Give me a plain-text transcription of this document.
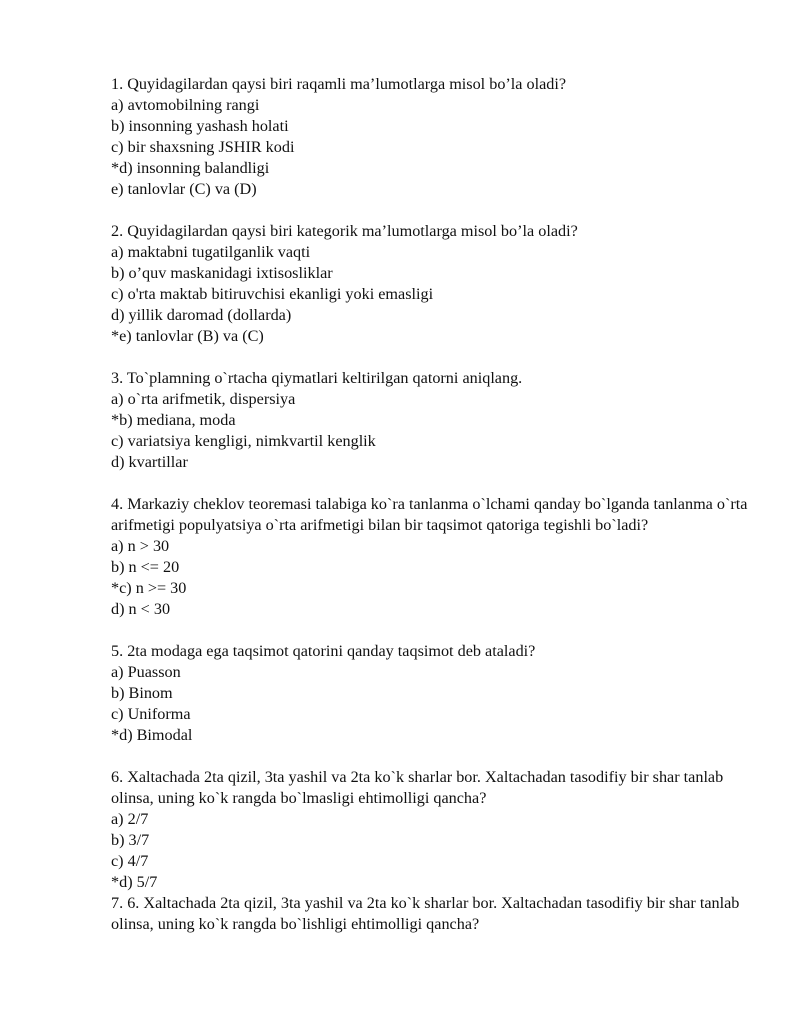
1. Quyidagilardan qaysi biri raqamli ma’lumotlarga misol bo’la oladi?
a) avtomobilning rangi
b) insonning yashash holati
c) bir shaxsning JSHIR kodi
*d) insonning balandligi
e) tanlovlar (C) va (D)
2. Quyidagilardan qaysi biri kategorik ma’lumotlarga misol bo’la oladi?
a) maktabni tugatilganlik vaqti
b) o’quv maskanidagi ixtisosliklar
c) o'rta maktab bitiruvchisi ekanligi yoki emasligi
d) yillik daromad (dollarda)
*e) tanlovlar (B) va (C)
3. To`plamning o`rtacha qiymatlari keltirilgan qatorni aniqlang.
a) o`rta arifmetik, dispersiya
*b) mediana, moda
c) variatsiya kengligi, nimkvartil kenglik
d) kvartillar
4. Markaziy cheklov teoremasi talabiga ko`ra tanlanma o`lchami qanday bo`lganda tanlanma o`rta arifmetigi populyatsiya o`rta arifmetigi bilan bir taqsimot qatoriga tegishli bo`ladi?
a) n > 30
b) n <= 20
*c) n >= 30
d) n < 30
5. 2ta modaga ega taqsimot qatorini qanday taqsimot deb ataladi?
a) Puasson
b) Binom
c) Uniforma
*d) Bimodal
6. Xaltachada 2ta qizil, 3ta yashil va 2ta ko`k sharlar bor. Xaltachadan tasodifiy bir shar tanlab olinsa, uning ko`k rangda bo`lmasligi ehtimolligi qancha?
a) 2/7
b) 3/7
c) 4/7
*d) 5/7
7. 6. Xaltachada 2ta qizil, 3ta yashil va 2ta ko`k sharlar bor. Xaltachadan tasodifiy bir shar tanlab olinsa, uning ko`k rangda bo`lishligi ehtimolligi qancha?
